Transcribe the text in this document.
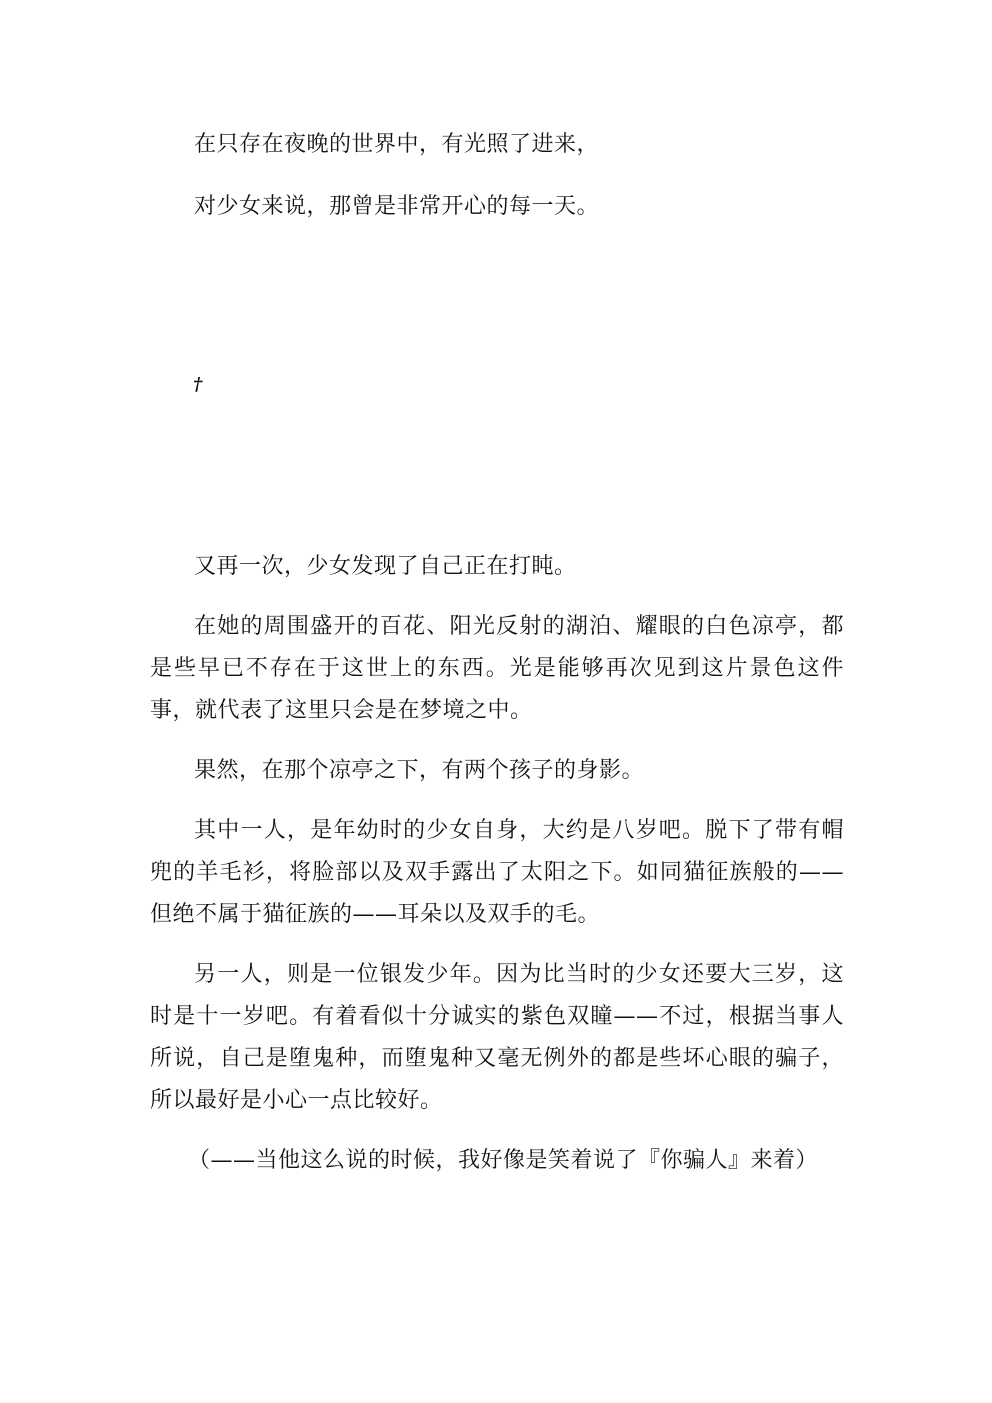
在只存在夜晚的世界中，有光照了进来，

对少女来说，那曾是非常开心的每一天。

†

又再一次，少女发现了自己正在打盹。

在她的周围盛开的百花、阳光反射的湖泊、耀眼的白色凉亭，都是些早已不存在于这世上的东西。光是能够再次见到这片景色这件事，就代表了这里只会是在梦境之中。

果然，在那个凉亭之下，有两个孩子的身影。

其中一人，是年幼时的少女自身，大约是八岁吧。脱下了带有帽兜的羊毛衫，将脸部以及双手露出了太阳之下。如同猫征族般的——但绝不属于猫征族的——耳朵以及双手的毛。

另一人，则是一位银发少年。因为比当时的少女还要大三岁，这时是十一岁吧。有着看似十分诚实的紫色双瞳——不过，根据当事人所说，自己是堕鬼种，而堕鬼种又毫无例外的都是些坏心眼的骗子，所以最好是小心一点比较好。

（——当他这么说的时候，我好像是笑着说了『你骗人』来着）
